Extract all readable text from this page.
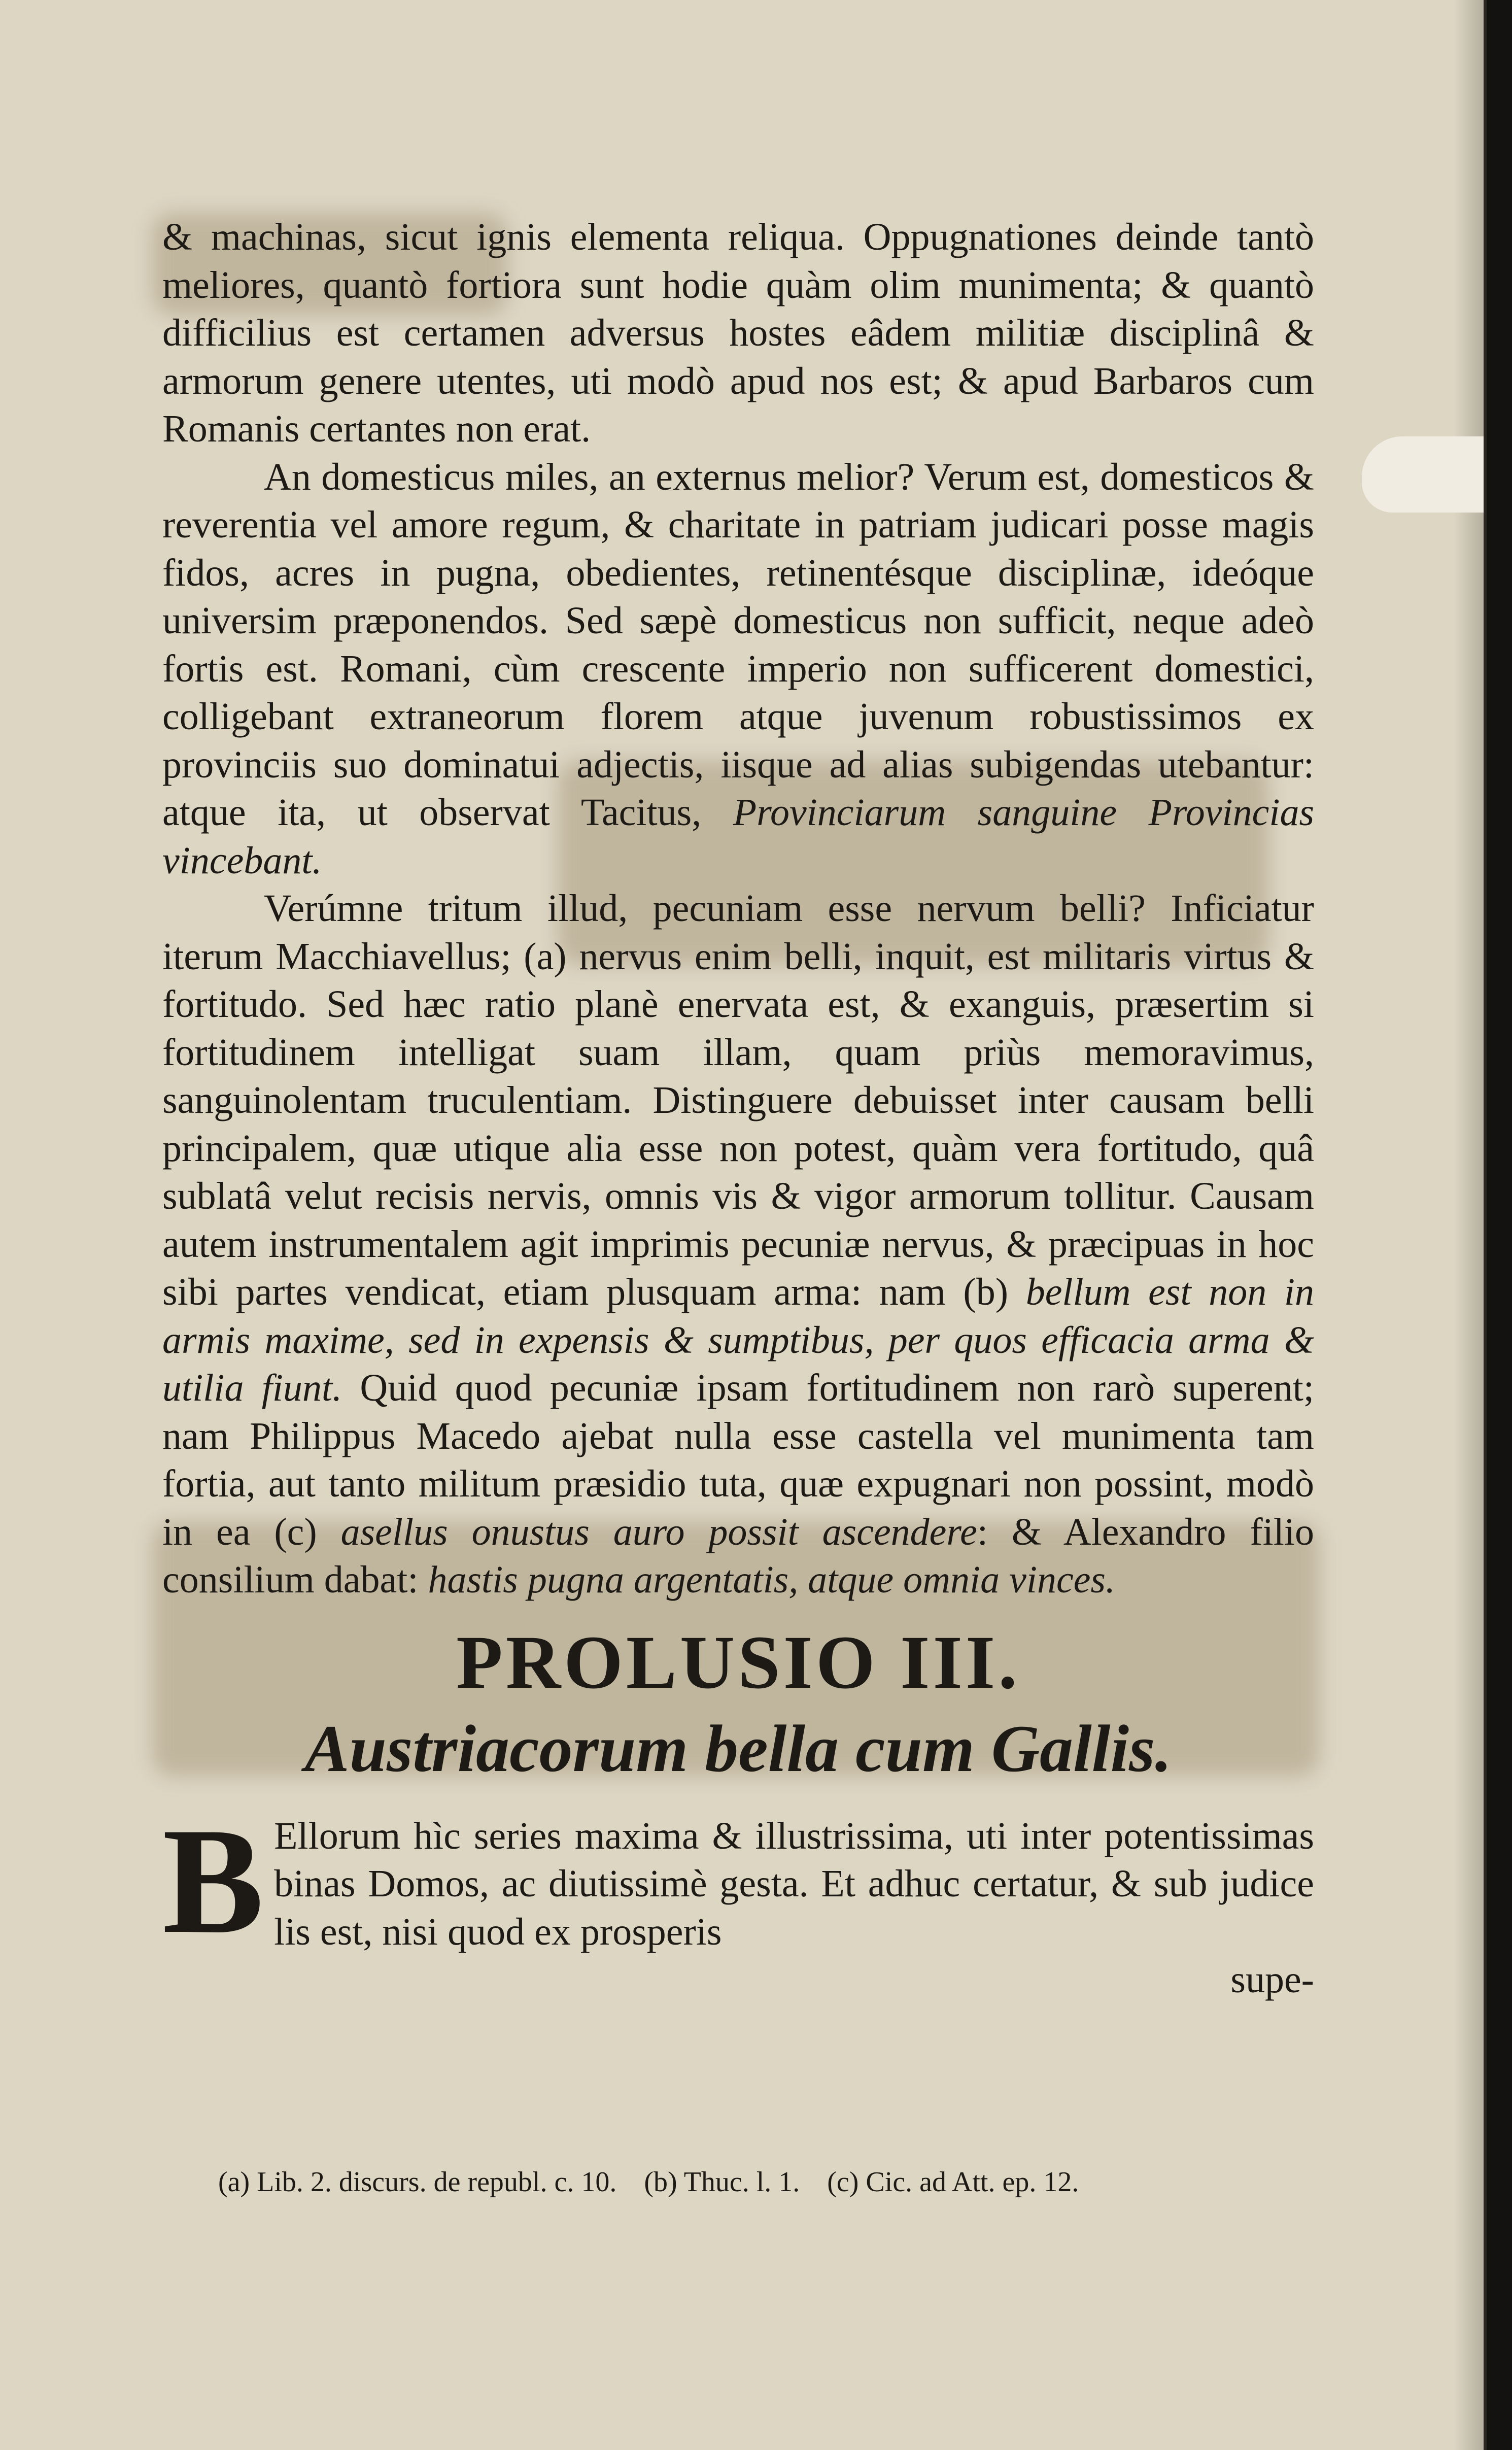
& machinas, sicut ignis elementa reliqua. Oppugnationes deinde tantò meliores, quantò fortiora sunt hodie quàm olim munimenta; & quantò difficilius est certamen adversus hostes eâdem militiæ disciplinâ & armorum genere utentes, uti modò apud nos est; & apud Barbaros cum Romanis certantes non erat.

An domesticus miles, an externus melior? Verum est, domesticos & reverentia vel amore regum, & charitate in patriam judicari posse magis fidos, acres in pugna, obedientes, retinentésque disciplinæ, ideóque universim præponendos. Sed sæpè domesticus non sufficit, neque adeò fortis est. Romani, cùm crescente imperio non sufficerent domestici, colligebant extraneorum florem atque juvenum robustissimos ex provinciis suo dominatui adjectis, iisque ad alias subigendas utebantur: atque ita, ut observat Tacitus, Provinciarum sanguine Provincias vincebant.

Verúmne tritum illud, pecuniam esse nervum belli? Inficiatur iterum Macchiavellus; (a) nervus enim belli, inquit, est militaris virtus & fortitudo. Sed hæc ratio planè enervata est, & exanguis, præsertim si fortitudinem intelligat suam illam, quam priùs memoravimus, sanguinolentam truculentiam. Distinguere debuisset inter causam belli principalem, quæ utique alia esse non potest, quàm vera fortitudo, quâ sublatâ velut recisis nervis, omnis vis & vigor armorum tollitur. Causam autem instrumentalem agit imprimis pecuniæ nervus, & præcipuas in hoc sibi partes vendicat, etiam plusquam arma: nam (b) bellum est non in armis maxime, sed in expensis & sumptibus, per quos efficacia arma & utilia fiunt. Quid quod pecuniæ ipsam fortitudinem non rarò superent; nam Philippus Macedo ajebat nulla esse castella vel munimenta tam fortia, aut tanto militum præsidio tuta, quæ expugnari non possint, modò in ea (c) asellus onustus auro possit ascendere: & Alexandro filio consilium dabat: hastis pugna argentatis, atque omnia vinces.

PROLUSIO III.
Austriacorum bella cum Gallis.

B Ellorum hìc series maxima & illustrissima, uti inter potentissimas binas Domos, ac diutissimè gesta. Et adhuc certatur, & sub judice lis est, nisi quod ex prosperis

supe-
(a) Lib. 2. discurs. de republ. c. 10. (b) Thuc. l. 1. (c) Cic. ad Att. ep. 12.
